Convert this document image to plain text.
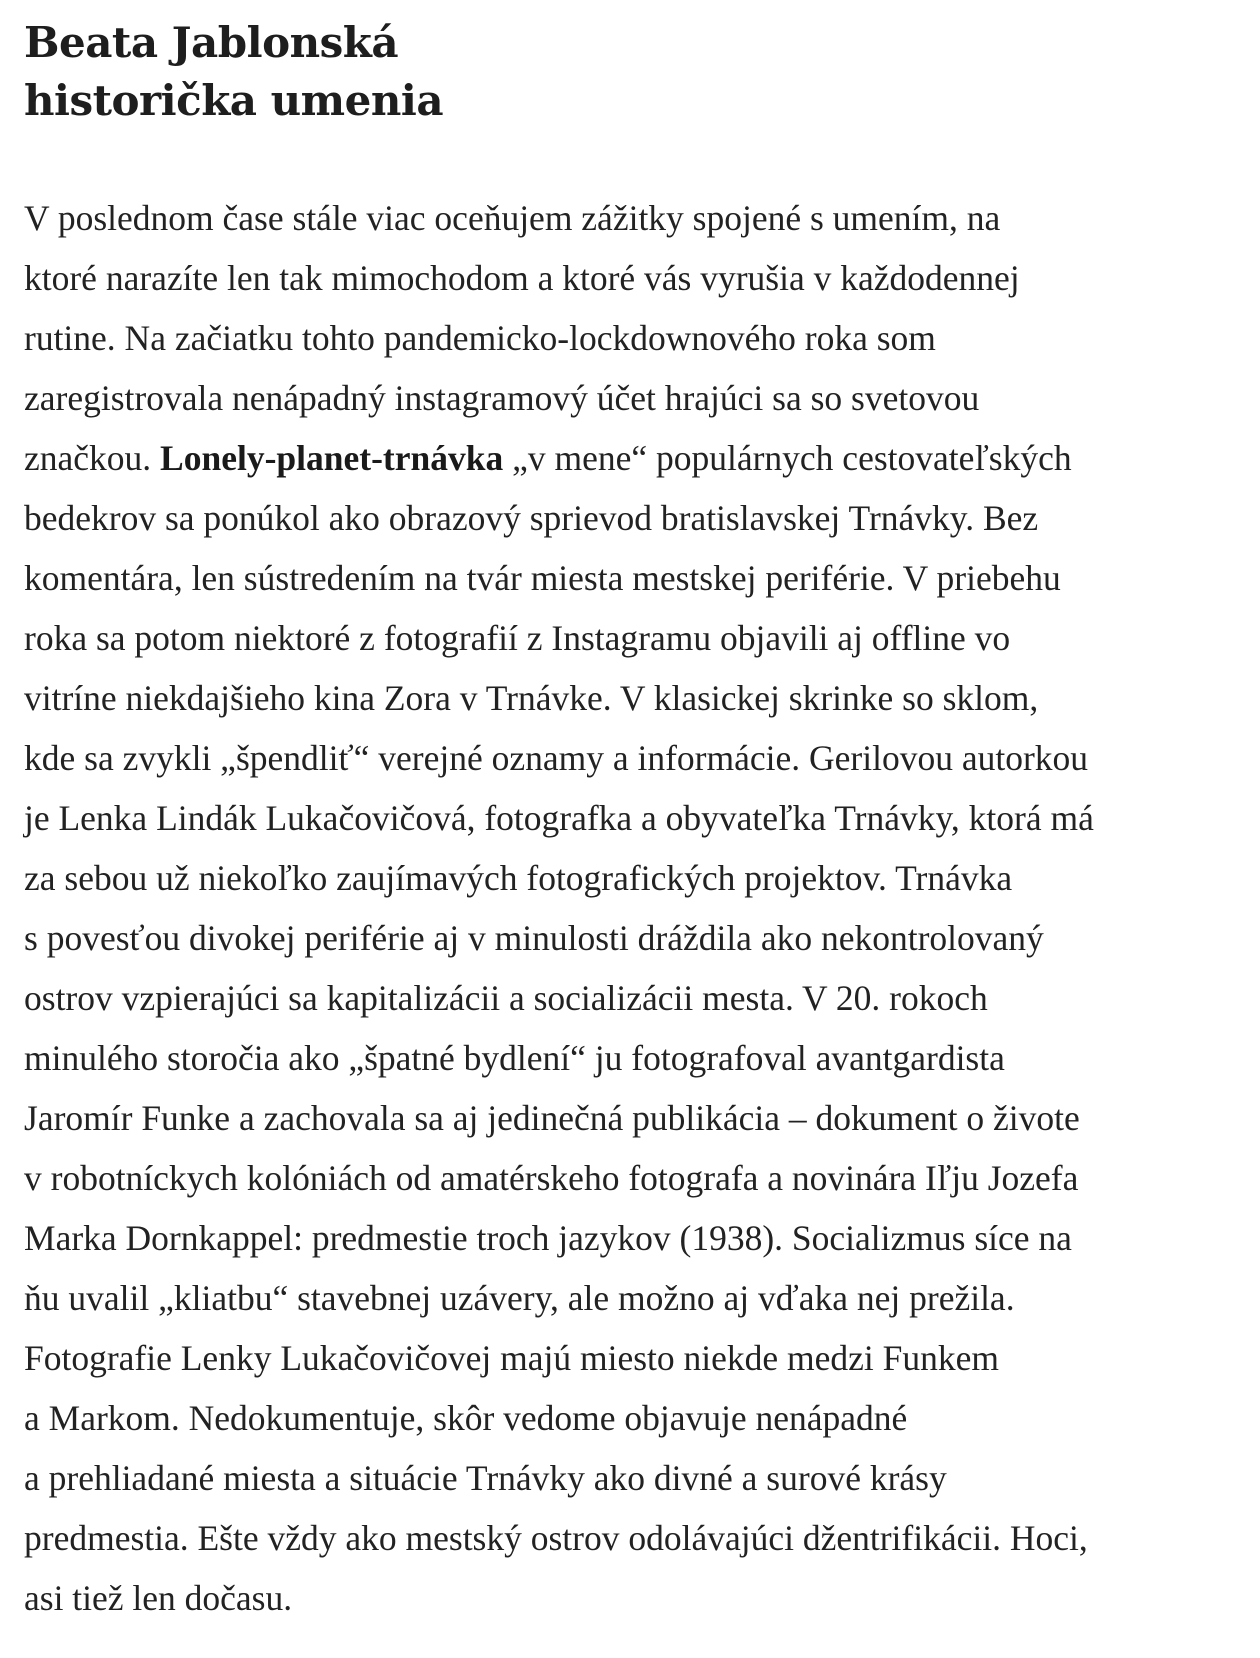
Beata Jablonská
historička umenia

V poslednom čase stále viac oceňujem zážitky spojené s umením, na
ktoré narazíte len tak mimochodom a ktoré vás vyrušia v každodennej
rutine. Na začiatku tohto pandemicko-lockdownového roka som
zaregistrovala nenápadný instagramový účet hrajúci sa so svetovou
značkou. Lonely-planet-trnávka „v mene“ populárnych cestovateľských
bedekrov sa ponúkol ako obrazový sprievod bratislavskej Trnávky. Bez
komentára, len sústredením na tvár miesta mestskej periférie. V priebehu
roka sa potom niektoré z fotografií z Instagramu objavili aj offline vo
vitríne niekdajšieho kina Zora v Trnávke. V klasickej skrinke so sklom,
kde sa zvykli „špendliť“ verejné oznamy a informácie. Gerilovou autorkou
je Lenka Lindák Lukačovičová, fotografka a obyvateľka Trnávky, ktorá má
za sebou už niekoľko zaujímavých fotografických projektov. Trnávka
s povesťou divokej periférie aj v minulosti dráždila ako nekontrolovaný
ostrov vzpierajúci sa kapitalizácii a socializácii mesta. V 20. rokoch
minulého storočia ako „špatné bydlení“ ju fotografoval avantgardista
Jaromír Funke a zachovala sa aj jedinečná publikácia – dokument o živote
v robotníckych kolóniách od amatérskeho fotografa a novinára Iľju Jozefa
Marka Dornkappel: predmestie troch jazykov (1938). Socializmus síce na
ňu uvalil „kliatbu“ stavebnej uzávery, ale možno aj vďaka nej prežila.
Fotografie Lenky Lukačovičovej majú miesto niekde medzi Funkem
a Markom. Nedokumentuje, skôr vedome objavuje nenápadné
a prehliadané miesta a situácie Trnávky ako divné a surové krásy
predmestia. Ešte vždy ako mestský ostrov odolávajúci džentrifikácii. Hoci,
asi tiež len dočasu.
